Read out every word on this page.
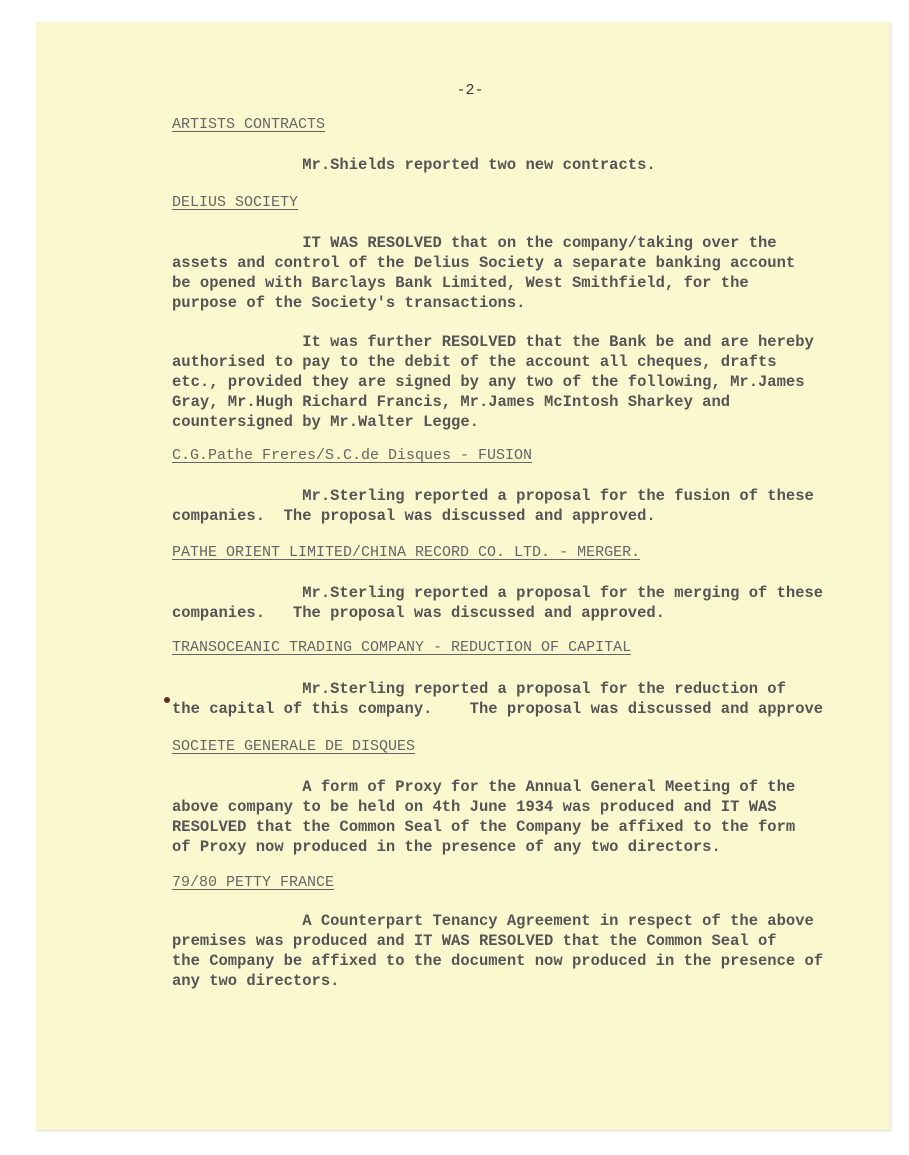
-2-
ARTISTS CONTRACTS
Mr.Shields reported two new contracts.
DELIUS SOCIETY
IT WAS RESOLVED that on the company/taking over the
assets and control of the Delius Society a separate banking account
be opened with Barclays Bank Limited, West Smithfield, for the
purpose of the Society's transactions.
It was further RESOLVED that the Bank be and are hereby
authorised to pay to the debit of the account all cheques, drafts
etc., provided they are signed by any two of the following, Mr.James
Gray, Mr.Hugh Richard Francis, Mr.James McIntosh Sharkey and
countersigned by Mr.Walter Legge.
C.G.Pathe Freres/S.C.de Disques - FUSION
Mr.Sterling reported a proposal for the fusion of these
companies.  The proposal was discussed and approved.
PATHE ORIENT LIMITED/CHINA RECORD CO. LTD. - MERGER.
Mr.Sterling reported a proposal for the merging of these
companies.   The proposal was discussed and approved.
TRANSOCEANIC TRADING COMPANY - REDUCTION OF CAPITAL
Mr.Sterling reported a proposal for the reduction of
the capital of this company.    The proposal was discussed and approve
SOCIETE GENERALE DE DISQUES
A form of Proxy for the Annual General Meeting of the
above company to be held on 4th June 1934 was produced and IT WAS
RESOLVED that the Common Seal of the Company be affixed to the form
of Proxy now produced in the presence of any two directors.
79/80 PETTY FRANCE
A Counterpart Tenancy Agreement in respect of the above
premises was produced and IT WAS RESOLVED that the Common Seal of
the Company be affixed to the document now produced in the presence of
any two directors.
